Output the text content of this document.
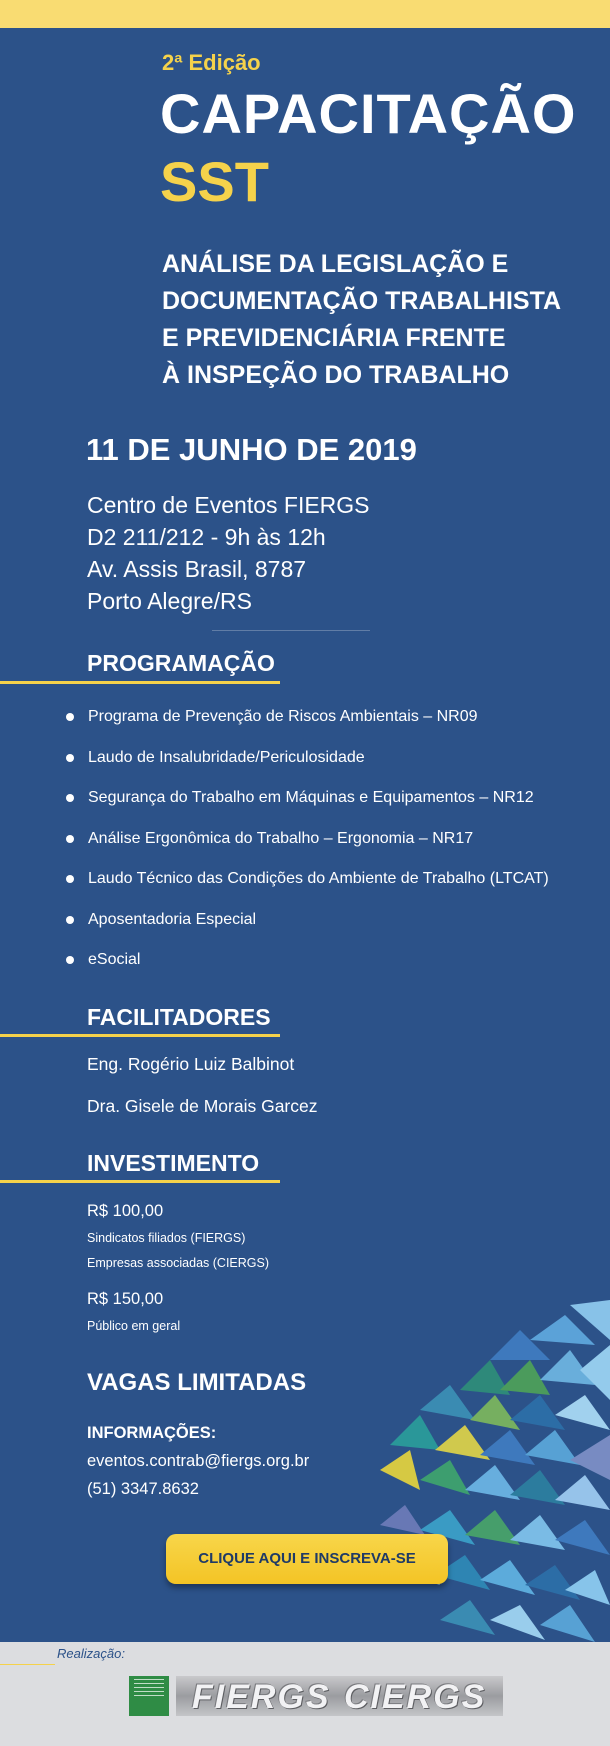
2ª Edição
CAPACITAÇÃO
SST
ANÁLISE DA LEGISLAÇÃO E
DOCUMENTAÇÃO TRABALHISTA
E PREVIDENCIÁRIA FRENTE
À INSPEÇÃO DO TRABALHO
11 DE JUNHO DE 2019
Centro de Eventos FIERGS
D2 211/212 - 9h às 12h
Av. Assis Brasil, 8787
Porto Alegre/RS
PROGRAMAÇÃO
Programa de Prevenção de Riscos Ambientais – NR09
Laudo de Insalubridade/Periculosidade
Segurança do Trabalho em Máquinas e Equipamentos – NR12
Análise Ergonômica do Trabalho – Ergonomia – NR17
Laudo Técnico das Condições do Ambiente de Trabalho (LTCAT)
Aposentadoria Especial
eSocial
FACILITADORES
Eng. Rogério Luiz Balbinot
Dra. Gisele de Morais Garcez
INVESTIMENTO
R$ 100,00
Sindicatos filiados (FIERGS)
Empresas associadas (CIERGS)
R$ 150,00
Público em geral
VAGAS LIMITADAS
INFORMAÇÕES:
eventos.contrab@fiergs.org.br
(51) 3347.8632
CLIQUE AQUI E INSCREVA-SE
Realização:
FIERGS CIERGS
